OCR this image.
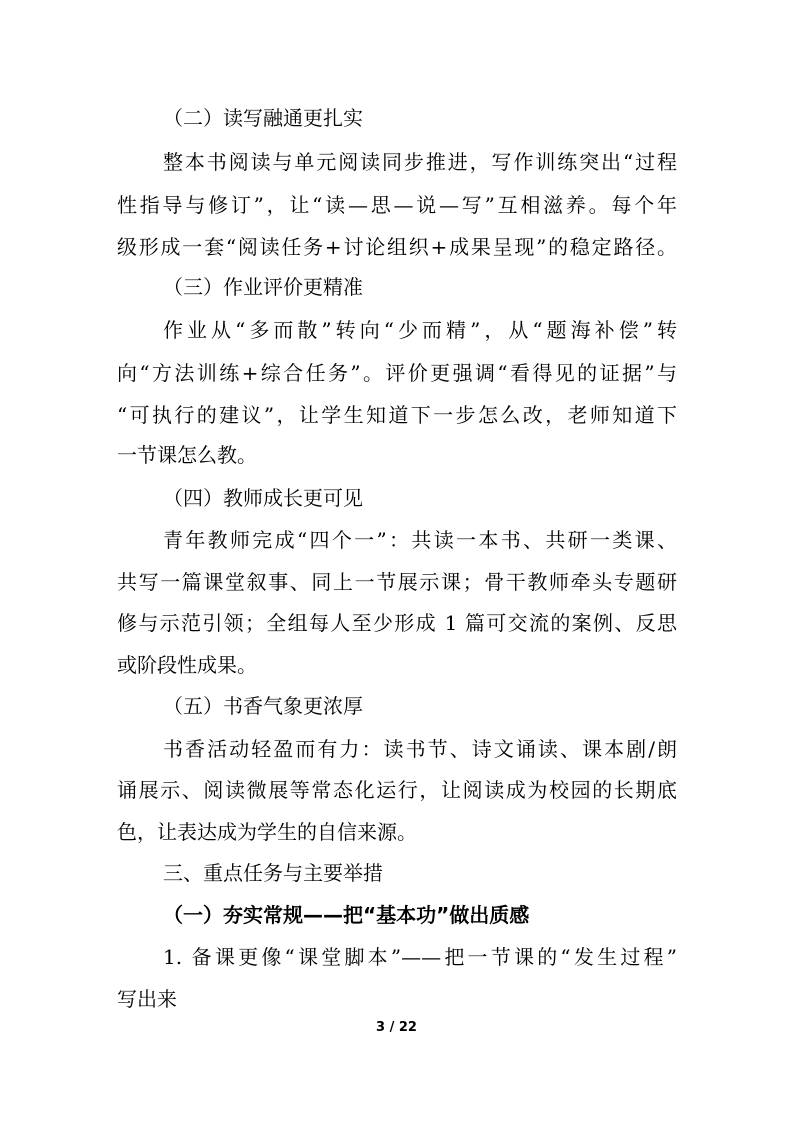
（二）读写融通更扎实
整本书阅读与单元阅读同步推进，写作训练突出“过程
性指导与修订”，让“读—思—说—写”互相滋养。每个年
级形成一套“阅读任务+讨论组织+成果呈现”的稳定路径。
（三）作业评价更精准
作业从“多而散”转向“少而精”，从“题海补偿”转
向“方法训练+综合任务”。评价更强调“看得见的证据”与
“可执行的建议”，让学生知道下一步怎么改，老师知道下
一节课怎么教。
（四）教师成长更可见
青年教师完成“四个一”：共读一本书、共研一类课、
共写一篇课堂叙事、同上一节展示课；骨干教师牵头专题研
修与示范引领；全组每人至少形成 1 篇可交流的案例、反思
或阶段性成果。
（五）书香气象更浓厚
书香活动轻盈而有力：读书节、诗文诵读、课本剧/朗
诵展示、阅读微展等常态化运行，让阅读成为校园的长期底
色，让表达成为学生的自信来源。
三、重点任务与主要举措
（一）夯实常规——把“基本功”做出质感
1. 备课更像“课堂脚本”——把一节课的“发生过程”
写出来
3 / 22
